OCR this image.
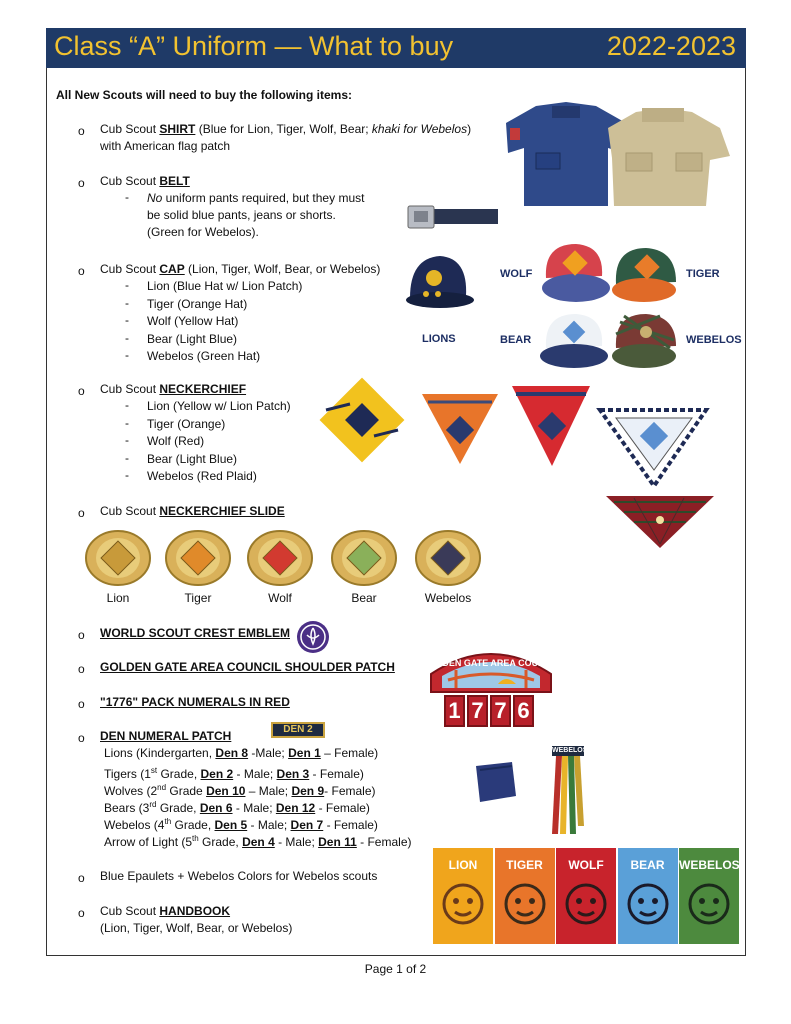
Class “A” Uniform — What to buy	2022-2023
All New Scouts will need to buy the following items:
o Cub Scout SHIRT (Blue for Lion, Tiger, Wolf, Bear; khaki for Webelos)
with American flag patch
o Cub Scout BELT
- No uniform pants required, but they must
be solid blue pants, jeans or shorts.
(Green for Webelos).
o Cub Scout CAP (Lion, Tiger, Wolf, Bear, or Webelos)
- Lion (Blue Hat w/ Lion Patch)
- Tiger (Orange Hat)
- Wolf (Yellow Hat)
- Bear (Light Blue)
- Webelos (Green Hat)
LIONS
WOLF	TIGER
BEAR	WEBELOS
o Cub Scout NECKERCHIEF
- Lion (Yellow w/ Lion Patch)
- Tiger (Orange)
- Wolf (Red)
- Bear (Light Blue)
- Webelos (Red Plaid)
o Cub Scout NECKERCHIEF SLIDE
Lion	Tiger	Wolf	Bear	Webelos
o WORLD SCOUT CREST EMBLEM
o GOLDEN GATE AREA COUNCIL SHOULDER PATCH	GOLDEN GATE AREA COUNCIL
o "1776" PACK NUMERALS IN RED	1 7 7 6
o DEN NUMERAL PATCH	DEN 2
Lions (Kindergarten, Den 8 -Male; Den 1 – Female)
Tigers (1st Grade, Den 2 - Male; Den 3 - Female)
Wolves (2nd Grade Den 10 – Male; Den 9- Female)
Bears (3rd Grade, Den 6 - Male; Den 12 - Female)
Webelos (4th Grade, Den 5 - Male; Den 7 - Female)
Arrow of Light (5th Grade, Den 4 - Male; Den 11 - Female)
WEBELOS
o Blue Epaulets + Webelos Colors for Webelos scouts
o Cub Scout HANDBOOK
(Lion, Tiger, Wolf, Bear, or Webelos)
LION	TIGER	WOLF	BEAR	WEBELOS
Page 1 of 2
